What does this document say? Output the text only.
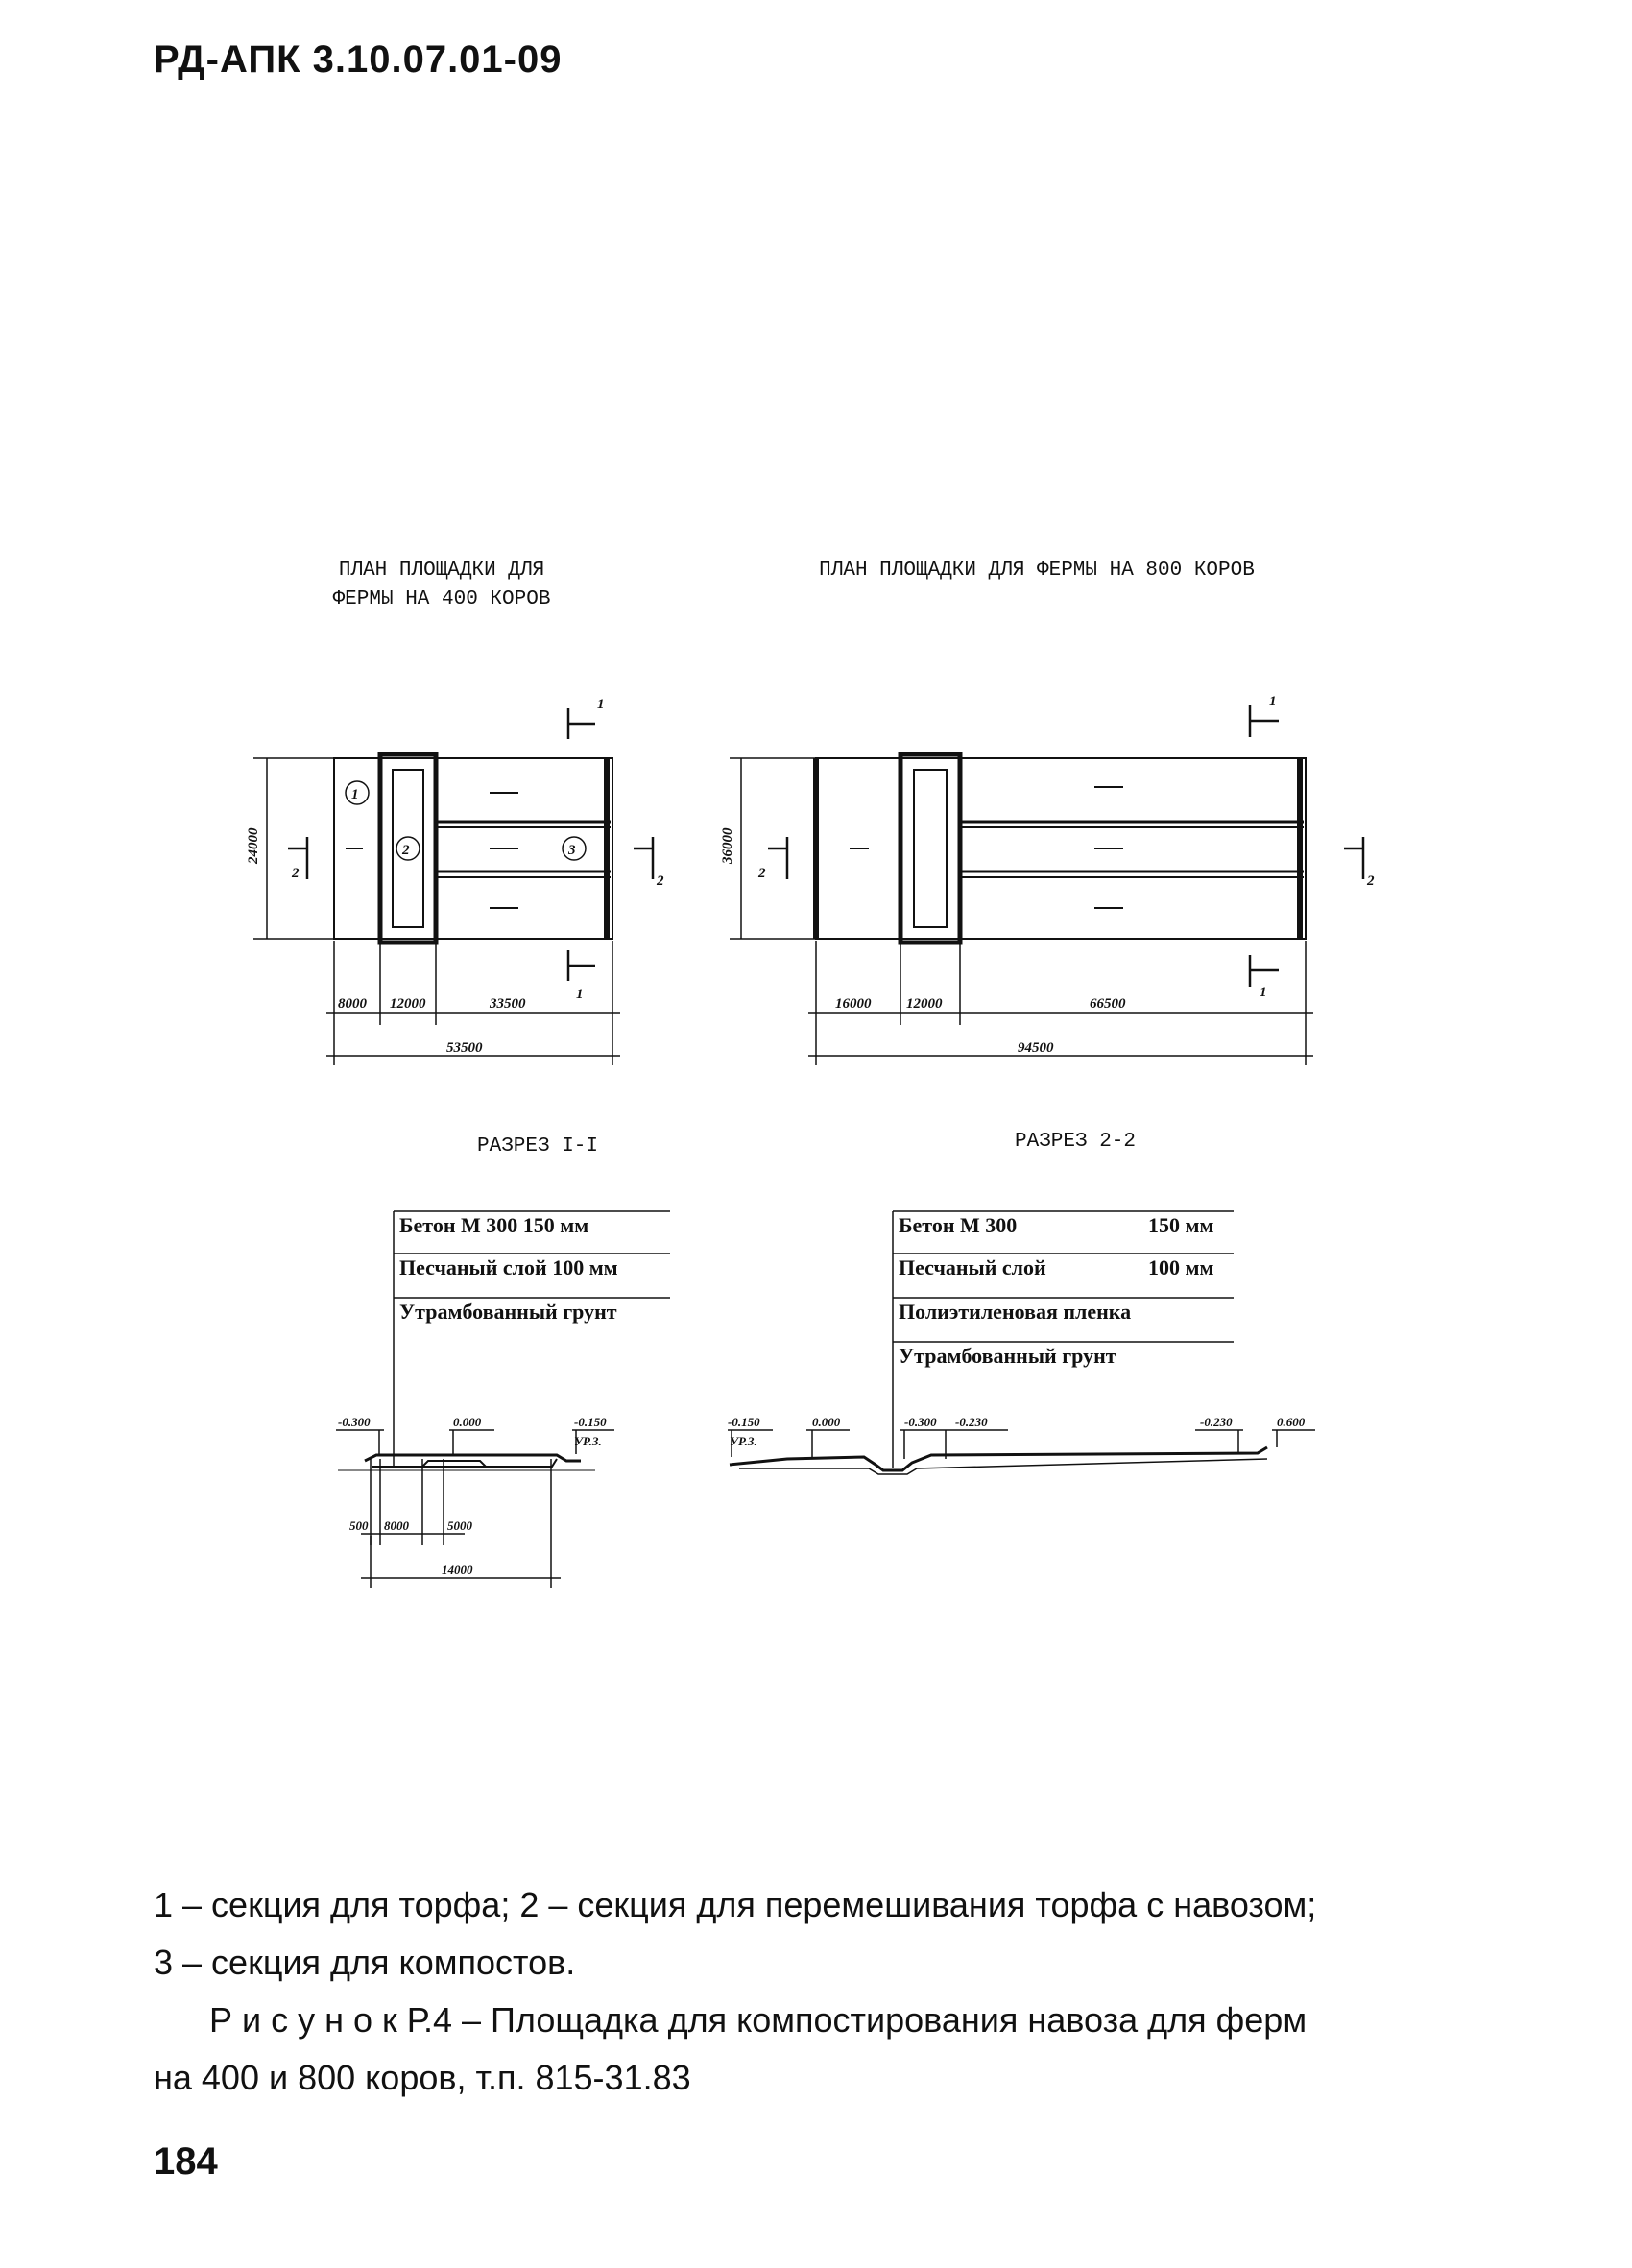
РД-АПК 3.10.07.01-09
ПЛАН ПЛОЩАДКИ ДЛЯ
ФЕРМЫ НА 400 КОРОВ
ПЛАН ПЛОЩАДКИ ДЛЯ ФЕРМЫ НА 800 КОРОВ
РАЗРЕЗ I-I	РАЗРЕЗ 2-2
24000
8000 12000	33500
53500
1
2	3
2	2
1
1
36000
16000 12000	66500
94500
2	2
1
1
Бетон М 300 150 мм
Песчаный слой 100 мм
Утрамбованный грунт
-0.300	0.000	-0.150
УР.З.
500 8000	5000
14000
Бетон М 300	150 мм
Песчаный слой	100 мм
Полиэтиленовая пленка
Утрамбованный грунт
-0.150
УР.З.
0.000	-0.300 -0.230	-0.230	0.600
1 – секция для торфа; 2 – секция для перемешивания торфа с навозом;
3 – секция для компостов.
Р и с у н о к Р.4 – Площадка для компостирования навоза для ферм
на 400 и 800 коров, т.п. 815-31.83
184
